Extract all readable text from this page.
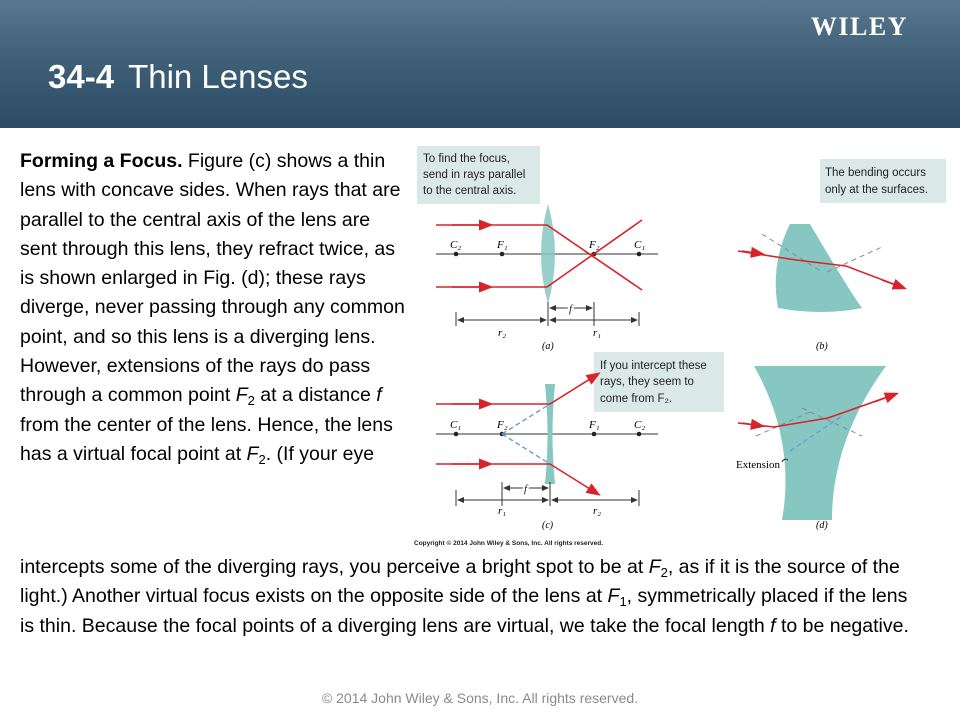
34-4 Thin Lenses
WILEY
Forming a Focus. Figure (c) shows a thin lens with concave sides. When rays that are parallel to the central axis of the lens are sent through this lens, they refract twice, as is shown enlarged in Fig. (d); these rays diverge, never passing through any common point, and so this lens is a diverging lens. However, extensions of the rays do pass through a common point $F_2$ at a distance f from the center of the lens. Hence, the lens has a virtual focal point at $F_2$. (If your eye
intercepts some of the diverging rays, you perceive a bright spot to be at $F_2$, as if it is the source of the light.) Another virtual focus exists on the opposite side of the lens at $F_1$, symmetrically placed if the lens is thin. Because the focal points of a diverging lens are virtual, we take the focal length f to be negative.
To find the focus,
send in rays parallel
to the central axis.
C₂	F₁	F₂	C₁
f
r₂	r₁
(a)
The bending occurs
only at the surfaces.
(b)
If you intercept these
rays, they seem to
come from F₂.
C₁	F₂	F₁	C₂
f
r₁	r₂
(c)
Extension
(d)
Copyright © 2014 John Wiley & Sons, Inc. All rights reserved.
© 2014 John Wiley & Sons, Inc. All rights reserved.
